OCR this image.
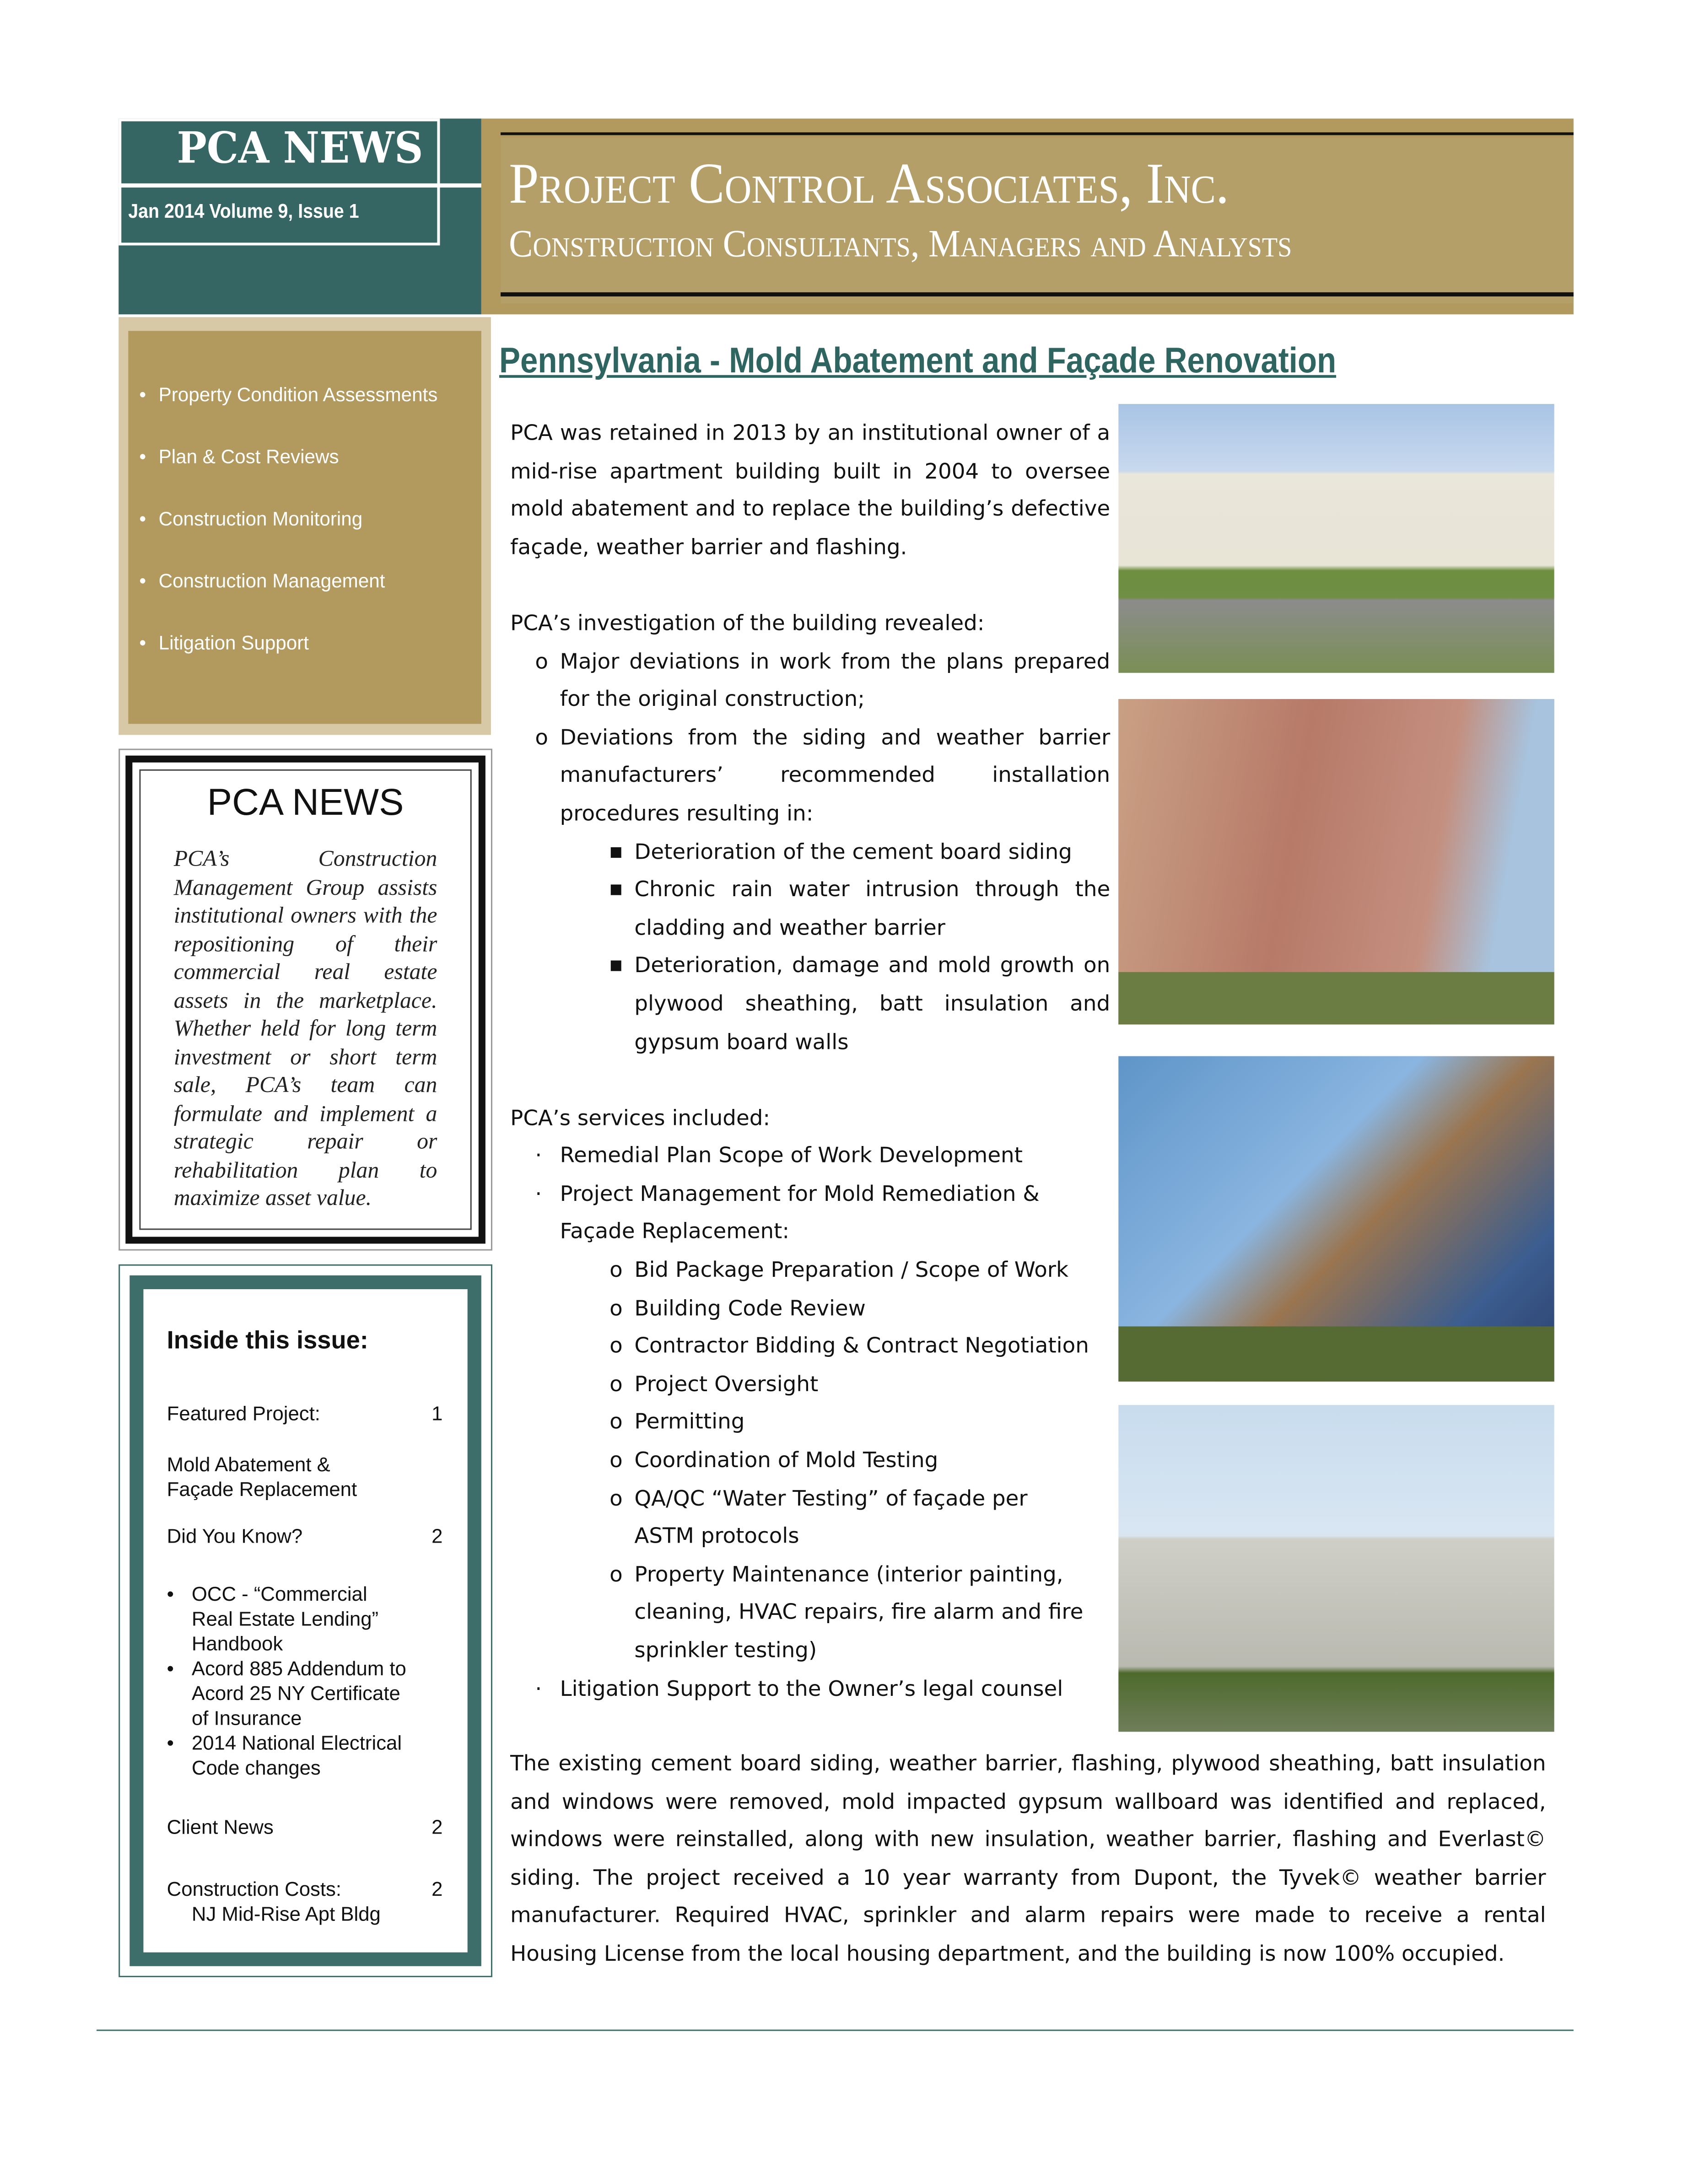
PCA NEWS
Jan 2014 Volume 9, Issue 1	Project Control Associates, Inc.
Construction Consultants, Managers and Analysts
• Property Condition Assessments
• Plan & Cost Reviews
• Construction Monitoring
• Construction Management
• Litigation Support
PCA NEWS
PCA’s Construction Management Group assists institutional owners with the repositioning of their commercial real estate assets in the marketplace. Whether held for long term investment or short term sale, PCA’s team can formulate and implement a strategic repair or rehabilitation plan to maximize asset value.
Inside this issue:
Featured Project:	1
Mold Abatement & Façade Replacement
Did You Know?	2
• OCC - “Commercial Real Estate Lending” Handbook
• Acord 885 Addendum to Acord 25 NY Certificate of Insurance
• 2014 National Electrical Code changes
Client News	2
Construction Costs:	2
NJ Mid-Rise Apt Bldg
Pennsylvania - Mold Abatement and Façade Renovation

PCA was retained in 2013 by an institutional owner of a mid-rise apartment building built in 2004 to oversee mold abatement and to replace the building’s defective façade, weather barrier and flashing.

PCA’s investigation of the building revealed:

o Major deviations in work from the plans prepared for the original construction;
o Deviations from the siding and weather barrier manufacturers’ recommended installation procedures resulting in:
■ Deterioration of the cement board siding
■ Chronic rain water intrusion through the cladding and weather barrier
■ Deterioration, damage and mold growth on plywood sheathing, batt insulation and gypsum board walls

PCA’s services included:

·	Remedial Plan Scope of Work Development
·	Project Management for Mold Remediation & Façade Replacement:
o Bid Package Preparation / Scope of Work
o Building Code Review
o Contractor Bidding & Contract Negotiation
o Project Oversight
o Permitting
o Coordination of Mold Testing
o QA/QC “Water Testing” of façade per ASTM protocols
o Property Maintenance (interior painting, cleaning, HVAC repairs, fire alarm and fire sprinkler testing)
·	Litigation Support to the Owner’s legal counsel

The existing cement board siding, weather barrier, flashing, plywood sheathing, batt insulation and windows were removed, mold impacted gypsum wallboard was identified and replaced, windows were reinstalled, along with new insulation, weather barrier, flashing and Everlast© siding. The project received a 10 year warranty from Dupont, the Tyvek© weather barrier manufacturer. Required HVAC, sprinkler and alarm repairs were made to receive a rental Housing License from the local housing department, and the building is now 100% occupied.
